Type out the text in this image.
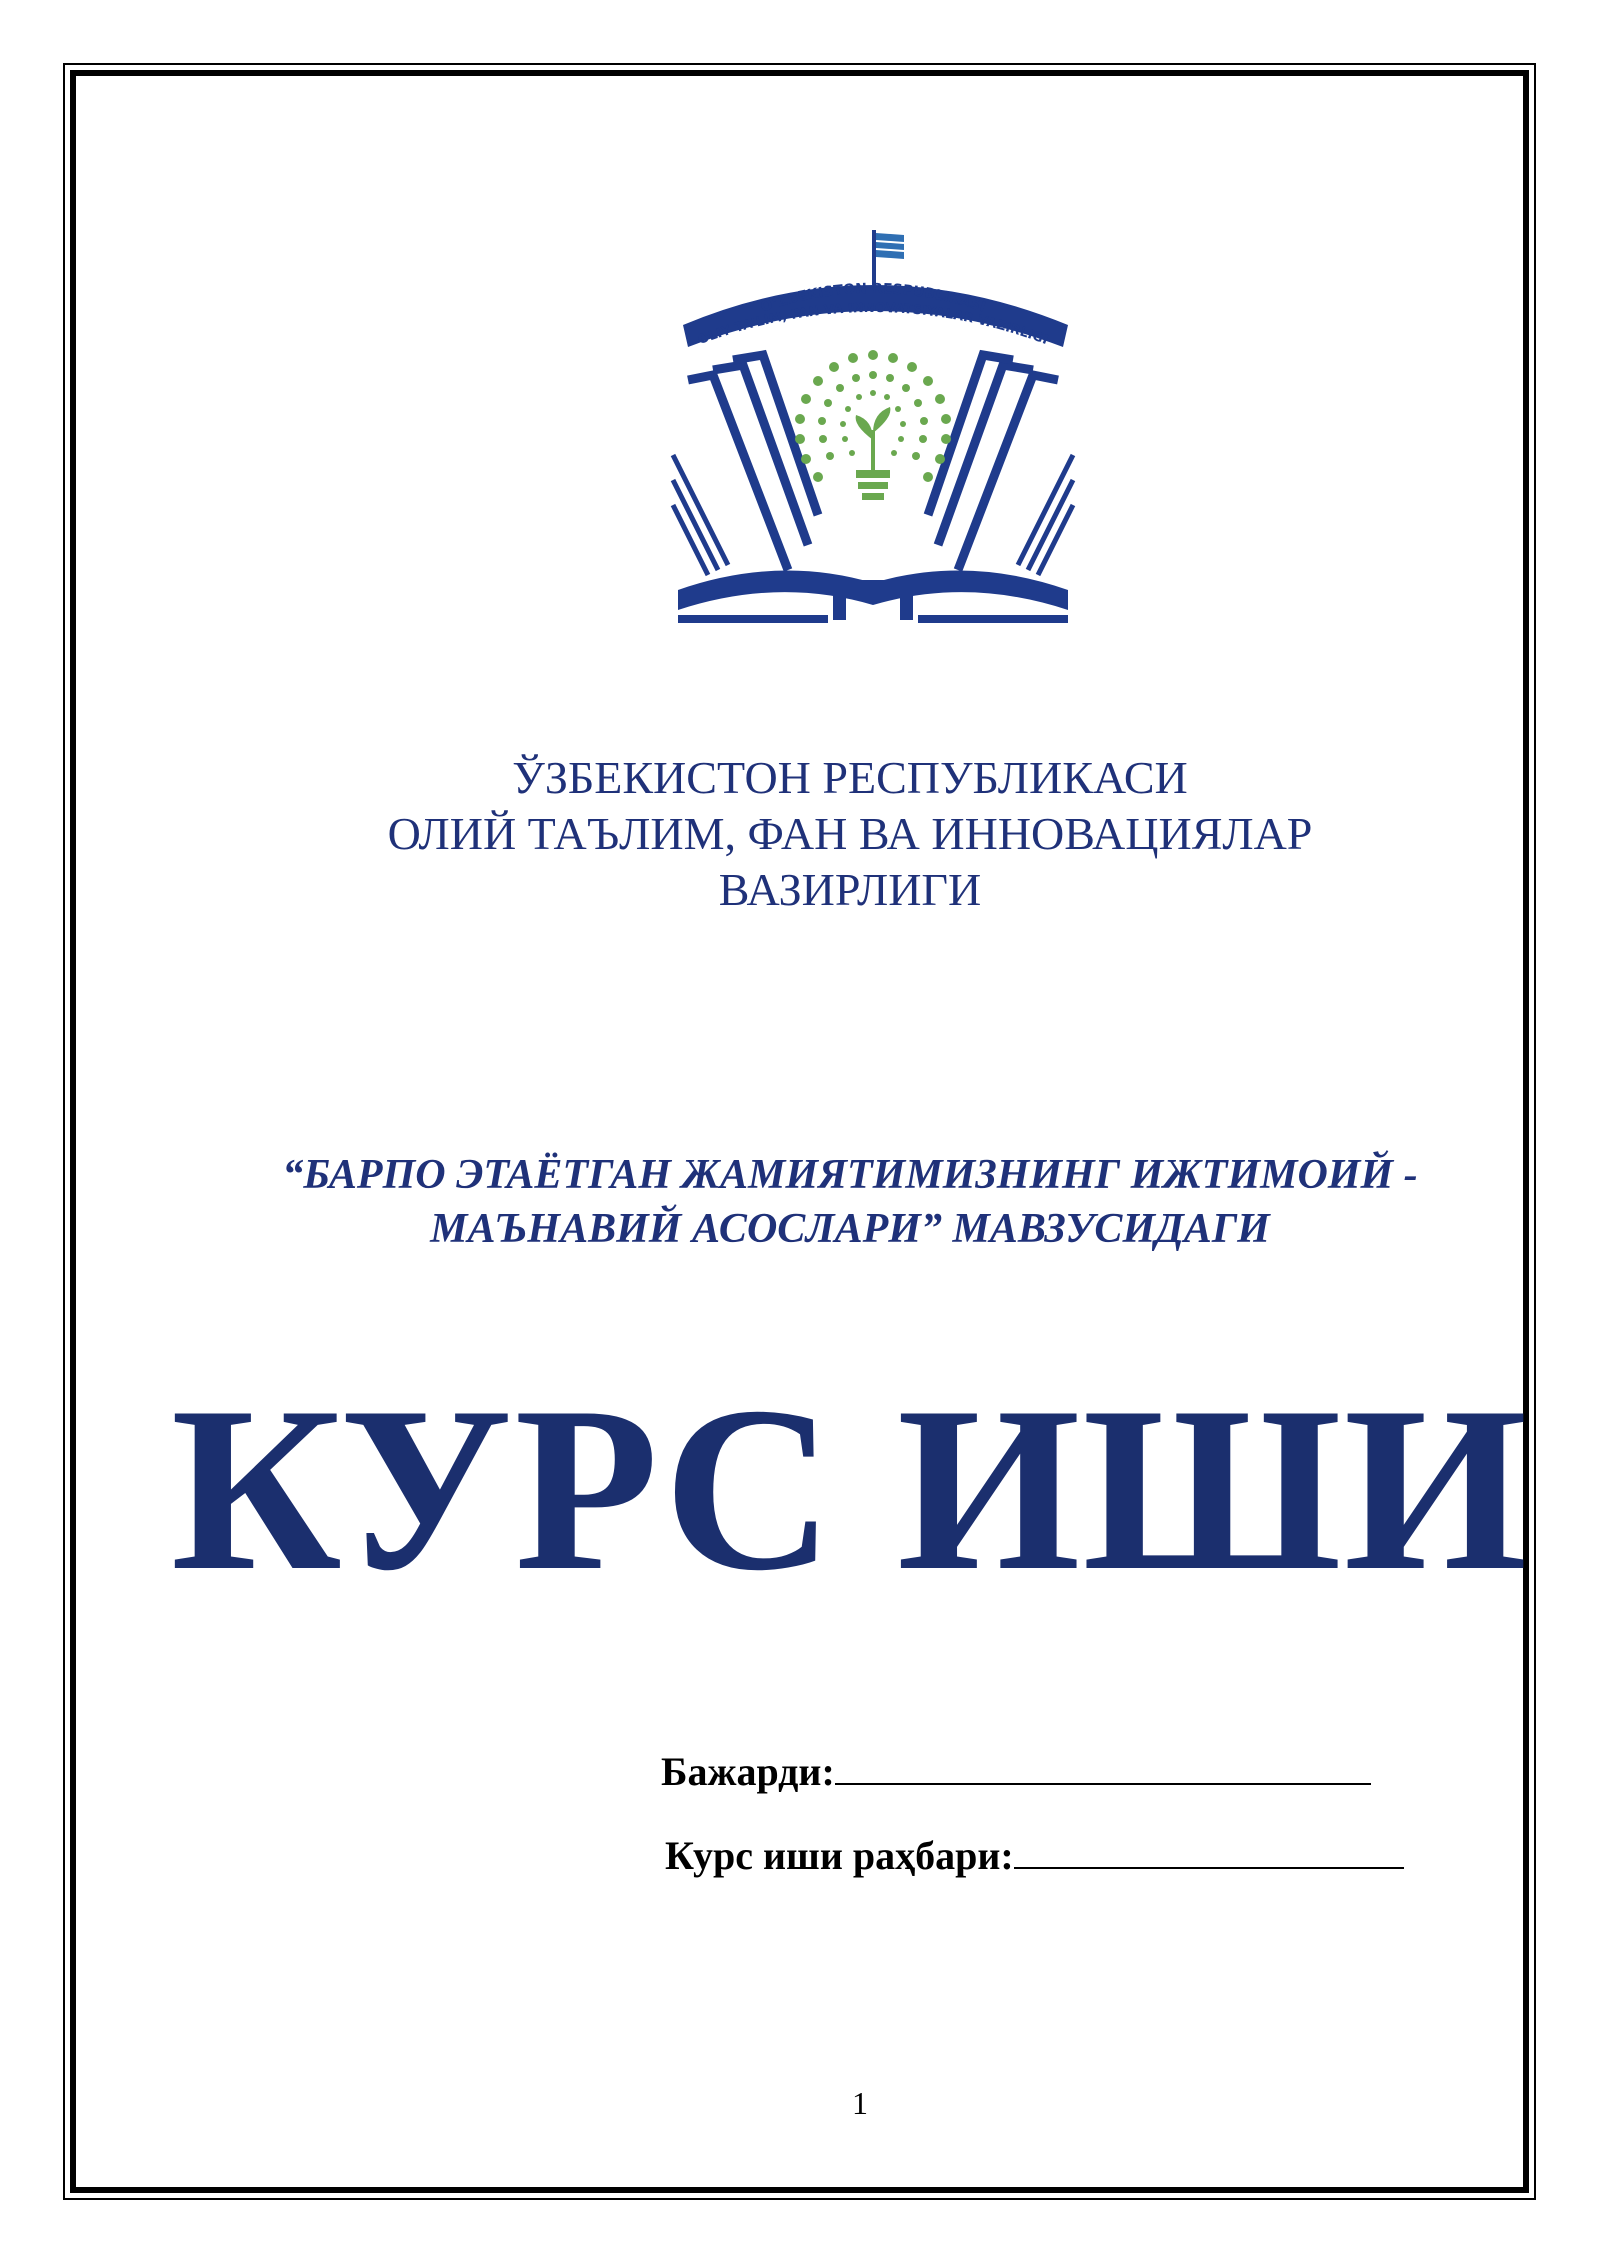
O‘ZBEKISTON RESPUBLIKASI
OLIY TA’LIM, FAN VA INNOVATSIYALAR VAZIRLIGI
ЎЗБЕКИСТОН РЕСПУБЛИКАСИ
ОЛИЙ ТАЪЛИМ, ФАН ВА ИННОВАЦИЯЛАР
ВАЗИРЛИГИ
“БАРПО ЭТАЁТГАН ЖАМИЯТИМИЗНИНГ ИЖТИМОИЙ -
МАЪНАВИЙ АСОСЛАРИ” МАВЗУСИДАГИ
КУРС ИШИ
Бажарди:
Курс иши раҳбари:
1
